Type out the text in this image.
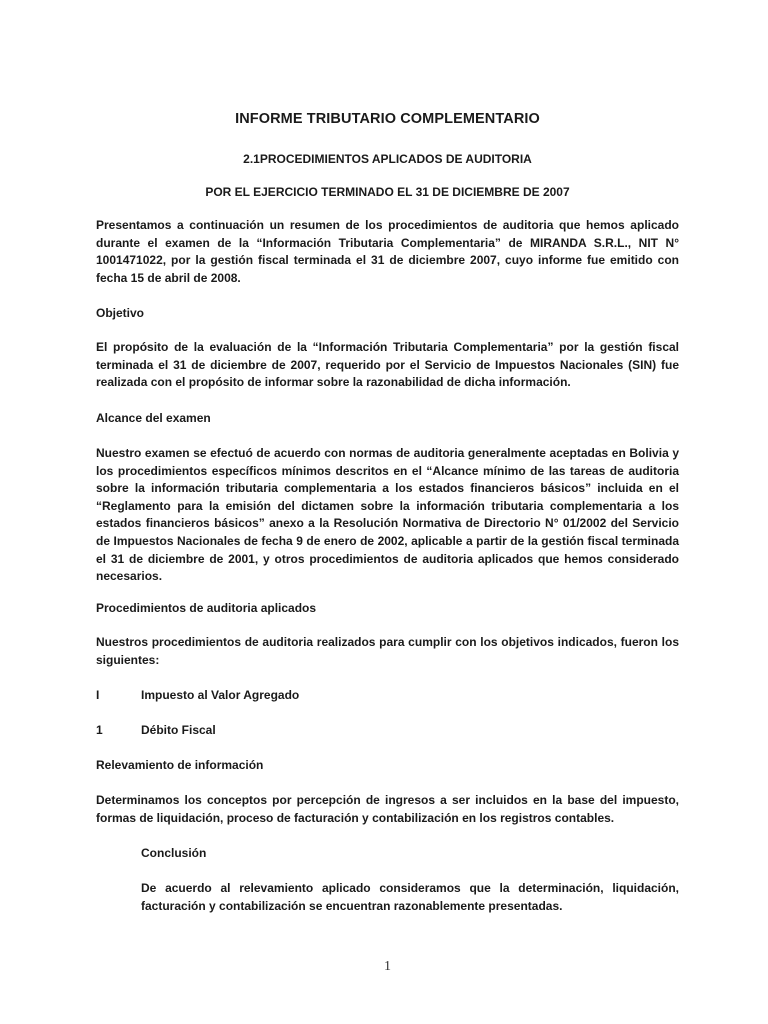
INFORME TRIBUTARIO COMPLEMENTARIO
2.1PROCEDIMIENTOS APLICADOS DE AUDITORIA
POR EL EJERCICIO TERMINADO EL 31 DE DICIEMBRE DE 2007

Presentamos a continuación un resumen de los procedimientos de auditoria que hemos aplicado durante el examen de la “Información Tributaria Complementaria” de MIRANDA S.R.L., NIT N° 1001471022, por la gestión fiscal terminada el 31 de diciembre 2007, cuyo informe fue emitido con fecha 15 de abril de 2008.

Objetivo

El propósito de la evaluación de la “Información Tributaria Complementaria” por la gestión fiscal terminada el 31 de diciembre de 2007, requerido por el Servicio de Impuestos Nacionales (SIN) fue realizada con el propósito de informar sobre la razonabilidad de dicha información.

Alcance del examen

Nuestro examen se efectuó de acuerdo con normas de auditoria generalmente aceptadas en Bolivia y los procedimientos específicos mínimos descritos en el “Alcance mínimo de las tareas de auditoria sobre la información tributaria complementaria a los estados financieros básicos” incluida en el “Reglamento para la emisión del dictamen sobre la información tributaria complementaria a los estados financieros básicos” anexo a la Resolución Normativa de Directorio N° 01/2002 del Servicio de Impuestos Nacionales de fecha 9 de enero de 2002, aplicable a partir de la gestión fiscal terminada el 31 de diciembre de 2001, y otros procedimientos de auditoria aplicados que hemos considerado necesarios.

Procedimientos de auditoria aplicados

Nuestros procedimientos de auditoria realizados para cumplir con los objetivos indicados, fueron los siguientes:

I	Impuesto al Valor Agregado
1	Débito Fiscal
Relevamiento de información

Determinamos los conceptos por percepción de ingresos a ser incluidos en la base del impuesto, formas de liquidación, proceso de facturación y contabilización en los registros contables.

Conclusión

De acuerdo al relevamiento aplicado consideramos que la determinación, liquidación, facturación y contabilización se encuentran razonablemente presentadas.

1
